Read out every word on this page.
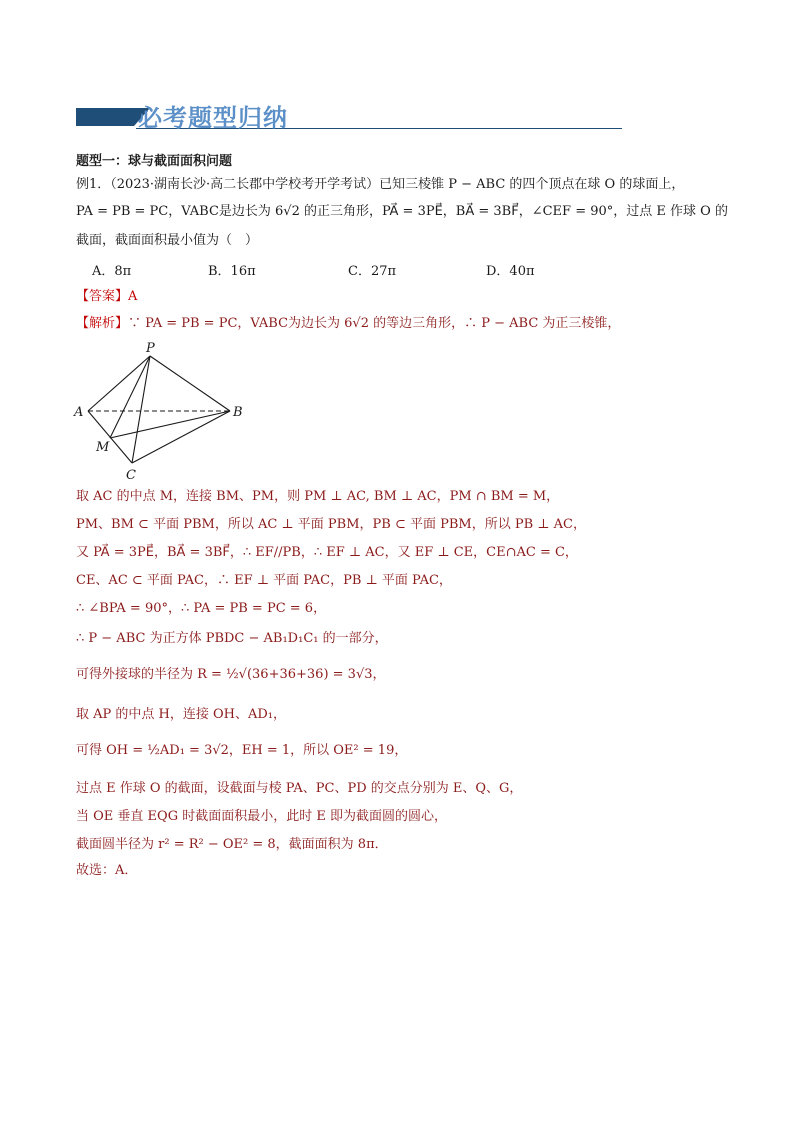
必考题型归纳
题型一：球与截面面积问题
例1．（2023·湖南长沙·高二长郡中学校考开学考试）已知三棱锥 P − ABC 的四个顶点在球 O 的球面上，
PA = PB = PC，VABC是边长为 6√2 的正三角形，PA⃗ = 3PE⃗，BA⃗ = 3BF⃗，∠CEF = 90°，过点 E 作球 O 的
截面，截面面积最小值为（　）
A．8π	B．16π	C．27π	D．40π
【答案】A
【解析】∵ PA = PB = PC，VABC为边长为 6√2 的等边三角形，∴ P − ABC 为正三棱锥，
P
A	B
M
C
取 AC 的中点 M，连接 BM、PM，则 PM ⊥ AC, BM ⊥ AC，PM ∩ BM = M，
PM、BM ⊂ 平面 PBM，所以 AC ⊥ 平面 PBM，PB ⊂ 平面 PBM，所以 PB ⊥ AC，
又 PA⃗ = 3PE⃗，BA⃗ = 3BF⃗，∴ EF//PB，∴ EF ⊥ AC，又 EF ⊥ CE，CE∩AC = C，
CE、AC ⊂ 平面 PAC，∴ EF ⊥ 平面 PAC，PB ⊥ 平面 PAC，
∴ ∠BPA = 90°，∴ PA = PB = PC = 6，
∴ P − ABC 为正方体 PBDC − AB₁D₁C₁ 的一部分，
可得外接球的半径为 R = ½√(36+36+36) = 3√3，
取 AP 的中点 H，连接 OH、AD₁，
可得 OH = ½AD₁ = 3√2，EH = 1，所以 OE² = 19，
过点 E 作球 O 的截面，设截面与棱 PA、PC、PD 的交点分别为 E、Q、G，
当 OE 垂直 EQG 时截面面积最小，此时 E 即为截面圆的圆心，
截面圆半径为 r² = R² − OE² = 8，截面面积为 8π．
故选：A．
